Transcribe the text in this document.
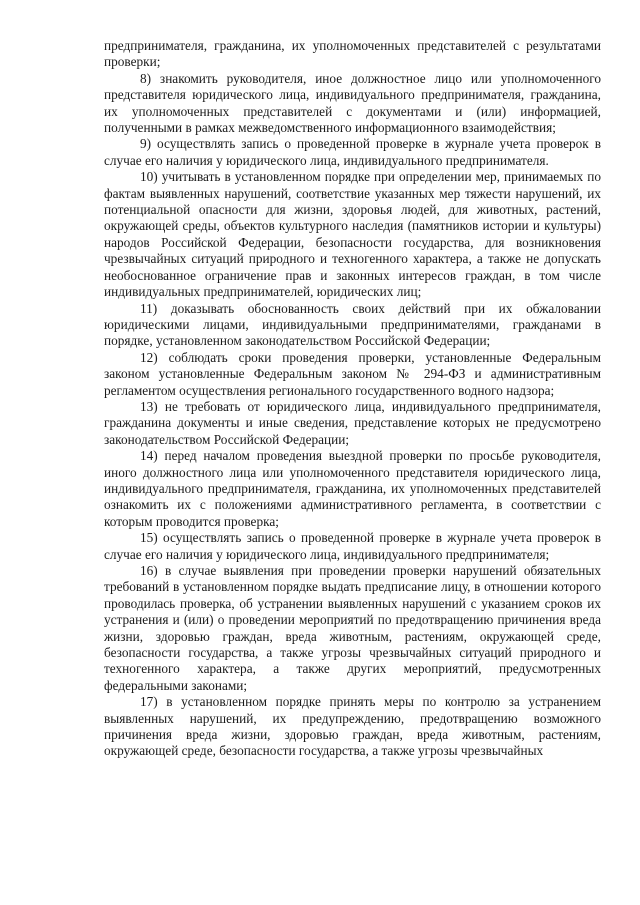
предпринимателя, гражданина, их уполномоченных представителей с результатами проверки;

8) знакомить руководителя, иное должностное лицо или уполномоченного представителя юридического лица, индивидуального предпринимателя, гражданина, их уполномоченных представителей с документами и (или) информацией, полученными в рамках межведомственного информационного взаимодействия;

9) осуществлять запись о проведенной проверке в журнале учета проверок в случае его наличия у юридического лица, индивидуального предпринимателя.

10) учитывать в установленном порядке при определении мер, принимаемых по фактам выявленных нарушений, соответствие указанных мер тяжести нарушений, их потенциальной опасности для жизни, здоровья людей, для животных, растений, окружающей среды, объектов культурного наследия (памятников истории и культуры) народов Российской Федерации, безопасности государства, для возникновения чрезвычайных ситуаций природного и техногенного характера, а также не допускать необоснованное ограничение прав и законных интересов граждан, в том числе индивидуальных предпринимателей, юридических лиц;

11) доказывать обоснованность своих действий при их обжаловании юридическими лицами, индивидуальными предпринимателями, гражданами в порядке, установленном законодательством Российской Федерации;

12) соблюдать сроки проведения проверки, установленные Федеральным законом установленные Федеральным законом № 294-ФЗ и административным регламентом осуществления регионального государственного водного надзора;

13) не требовать от юридического лица, индивидуального предпринимателя, гражданина документы и иные сведения, представление которых не предусмотрено законодательством Российской Федерации;

14) перед началом проведения выездной проверки по просьбе руководителя, иного должностного лица или уполномоченного представителя юридического лица, индивидуального предпринимателя, гражданина, их уполномоченных представителей ознакомить их с положениями административного регламента, в соответствии с которым проводится проверка;

15) осуществлять запись о проведенной проверке в журнале учета проверок в случае его наличия у юридического лица, индивидуального предпринимателя;

16) в случае выявления при проведении проверки нарушений обязательных требований в установленном порядке выдать предписание лицу, в отношении которого проводилась проверка, об устранении выявленных нарушений с указанием сроков их устранения и (или) о проведении мероприятий по предотвращению причинения вреда жизни, здоровью граждан, вреда животным, растениям, окружающей среде, безопасности государства, а также угрозы чрезвычайных ситуаций природного и техногенного характера, а также других мероприятий, предусмотренных федеральными законами;

17) в установленном порядке принять меры по контролю за устранением выявленных нарушений, их предупреждению, предотвращению возможного причинения вреда жизни, здоровью граждан, вреда животным, растениям, окружающей среде, безопасности государства, а также угрозы чрезвычайных
